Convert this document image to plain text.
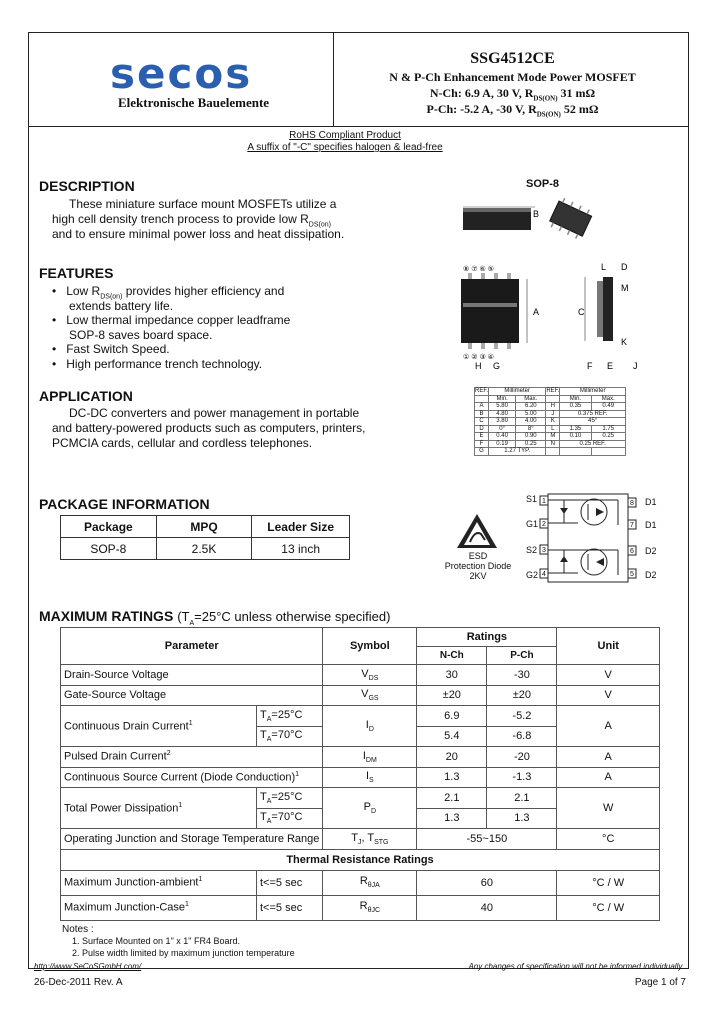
secos
Elektronische Bauelemente
SSG4512CE
N & P-Ch Enhancement Mode Power MOSFET
N-Ch: 6.9 A, 30 V, $R_{DS(ON)}$ 31 mΩ
P-Ch: -5.2 A, -30 V, $R_{DS(ON)}$ 52 mΩ
RoHS Compliant Product
A suffix of "-C" specifies halogen & lead-free
DESCRIPTION
These miniature surface mount MOSFETs utilize a
high cell density trench process to provide low $R_{DS(on)}$
and to ensure minimal power loss and heat dissipation.
FEATURES
•   Low $R_{DS(on)}$ provides higher efficiency and
extends battery life.
•   Low thermal impedance copper leadframe
SOP-8 saves board space.
•   Fast Switch Speed.
•   High performance trench technology.
APPLICATION
DC-DC converters and power management in portable
and battery-powered products such as computers, printers,
PCMCIA cards, cellular and cordless telephones.
PACKAGE INFORMATION
Package	MPQ	Leader Size
SOP-8	2.5K	13 inch
SOP-8
B
A
⑧ ⑦ ⑥ ⑤
① ② ③ ④
G
H
C
D
L
M
K
J
F E
REF.	Millimeter		REF.	Millimeter	
	Min.	Max.		Min.	Max.
A	5.80	6.20	H	0.35	0.49
B	4.80	5.00	J	0.375 REF.	
C	3.80	4.00	K	45°	
D	0°	8°	L	1.35	1.75
E	0.40	0.90	M	0.10	0.25
F	0.19	0.25	N	0.25 REF.	
G	1.27 TYP.				
ESD
Protection Diode
2KV
S1
G1
S2
G2
D1
D1
D2
D2
1
2
3
4
8
7
6
5
MAXIMUM RATINGS ($T_A=25^\circ C$ unless otherwise specified)
Parameter		Symbol	Ratings		Unit
			N-Ch	P-Ch	
Drain-Source Voltage		$V_{DS}$	30	-30	V
Gate-Source Voltage		$V_{GS}$	±20	±20	V
Continuous Drain Current$^1$	$T_A=25^\circ C$	$I_D$	6.9	-5.2	A
	$T_A=70^\circ C$		5.4	-6.8	
Pulsed Drain Current$^2$		$I_{DM}$	20	-20	A
Continuous Source Current (Diode Conduction)$^1$		$I_S$	1.3	-1.3	A
Total Power Dissipation$^1$	$T_A=25^\circ C$	$P_D$	2.1	2.1	W
	$T_A=70^\circ C$		1.3	1.3	
Operating Junction and Storage Temperature Range		$T_J$, $T_{STG}$	-55~150		°C
Thermal Resistance Ratings					
Maximum Junction-ambient$^1$	t<=5 sec	$R_{\theta JA}$	60		°C / W
Maximum Junction-Case$^1$	t<=5 sec	$R_{\theta JC}$	40		°C / W
Notes :
1. Surface Mounted on 1" x 1" FR4 Board.
2. Pulse width limited by maximum junction temperature
http://www.SeCoSGmbH.com/	Any changes of specification will not be informed individually.
26-Dec-2011 Rev. A	Page 1 of 7
